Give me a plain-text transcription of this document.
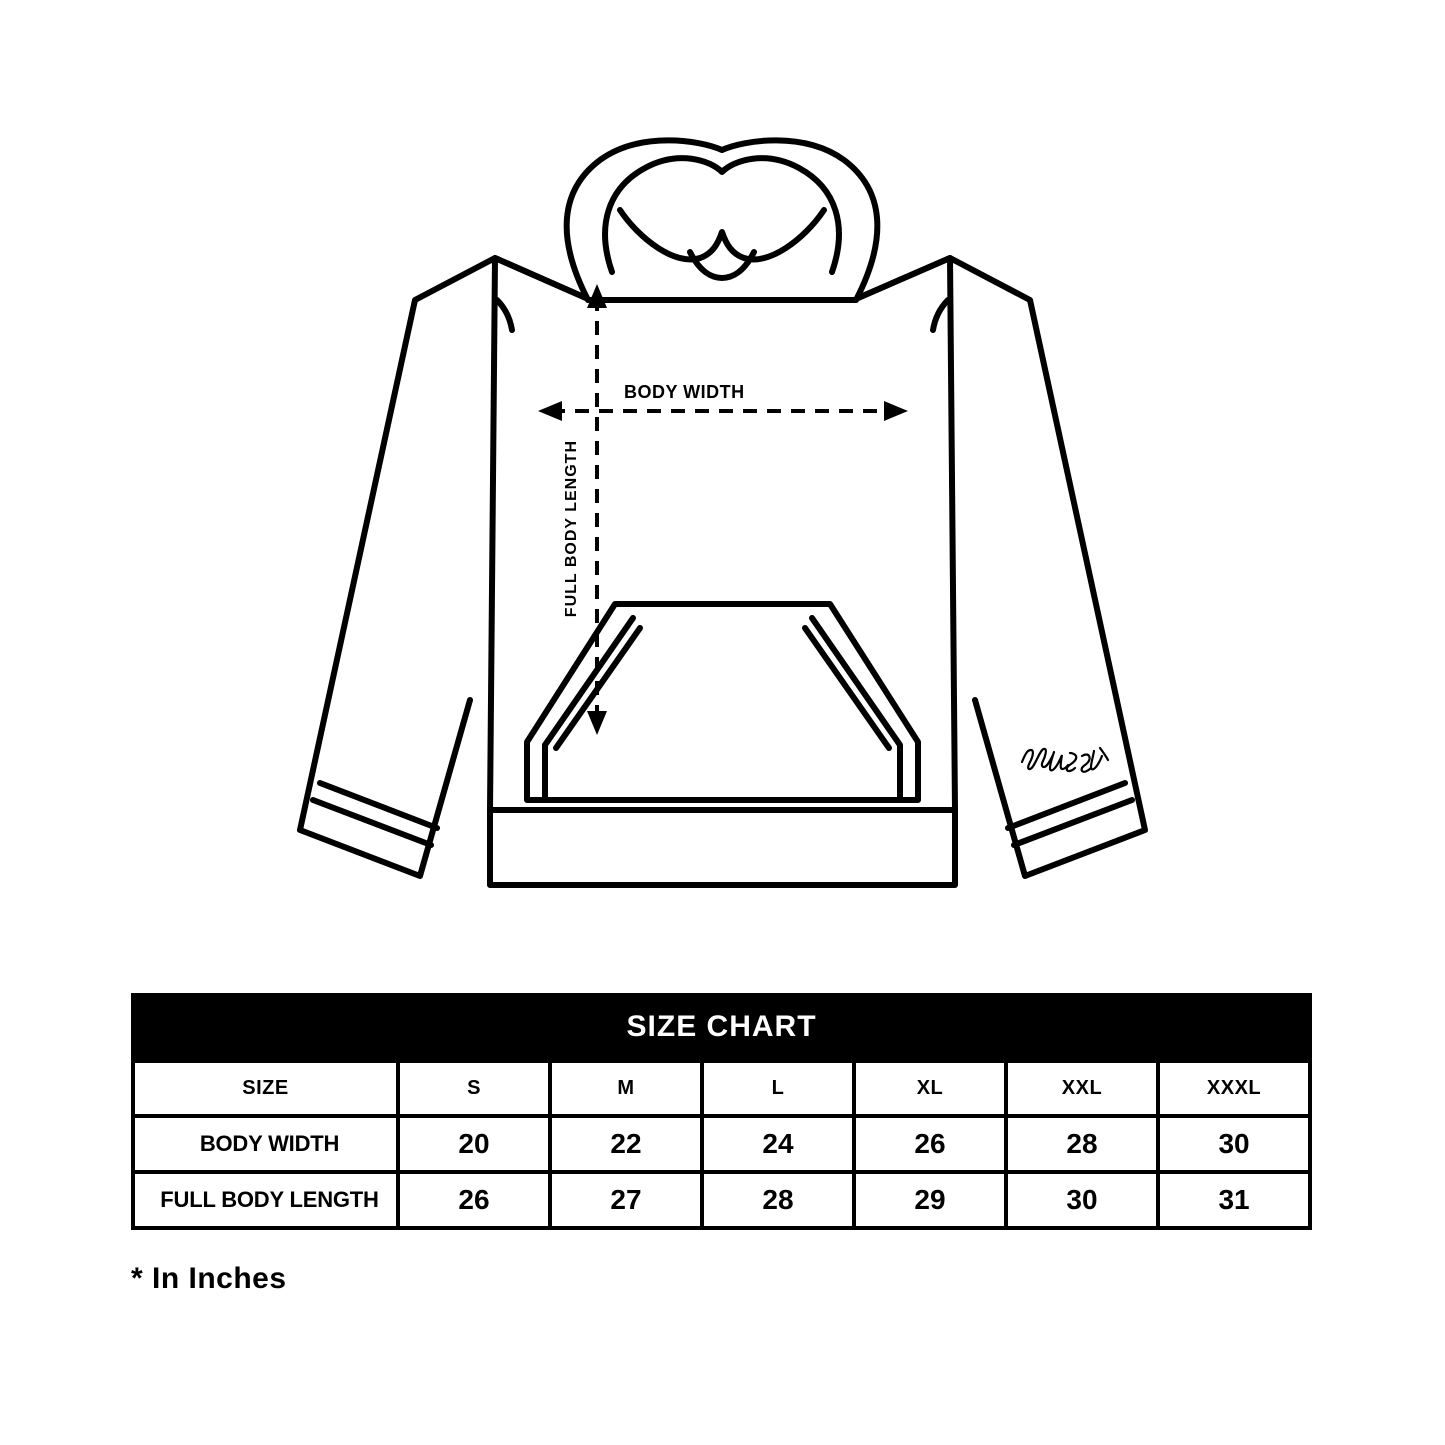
BODY WIDTH
FULL BODY LENGTH
SIZE CHART						
SIZE	S	M	L	XL	XXL	XXXL
BODY WIDTH	20	22	24	26	28	30
FULL BODY LENGTH	26	27	28	29	30	31
* In Inches
